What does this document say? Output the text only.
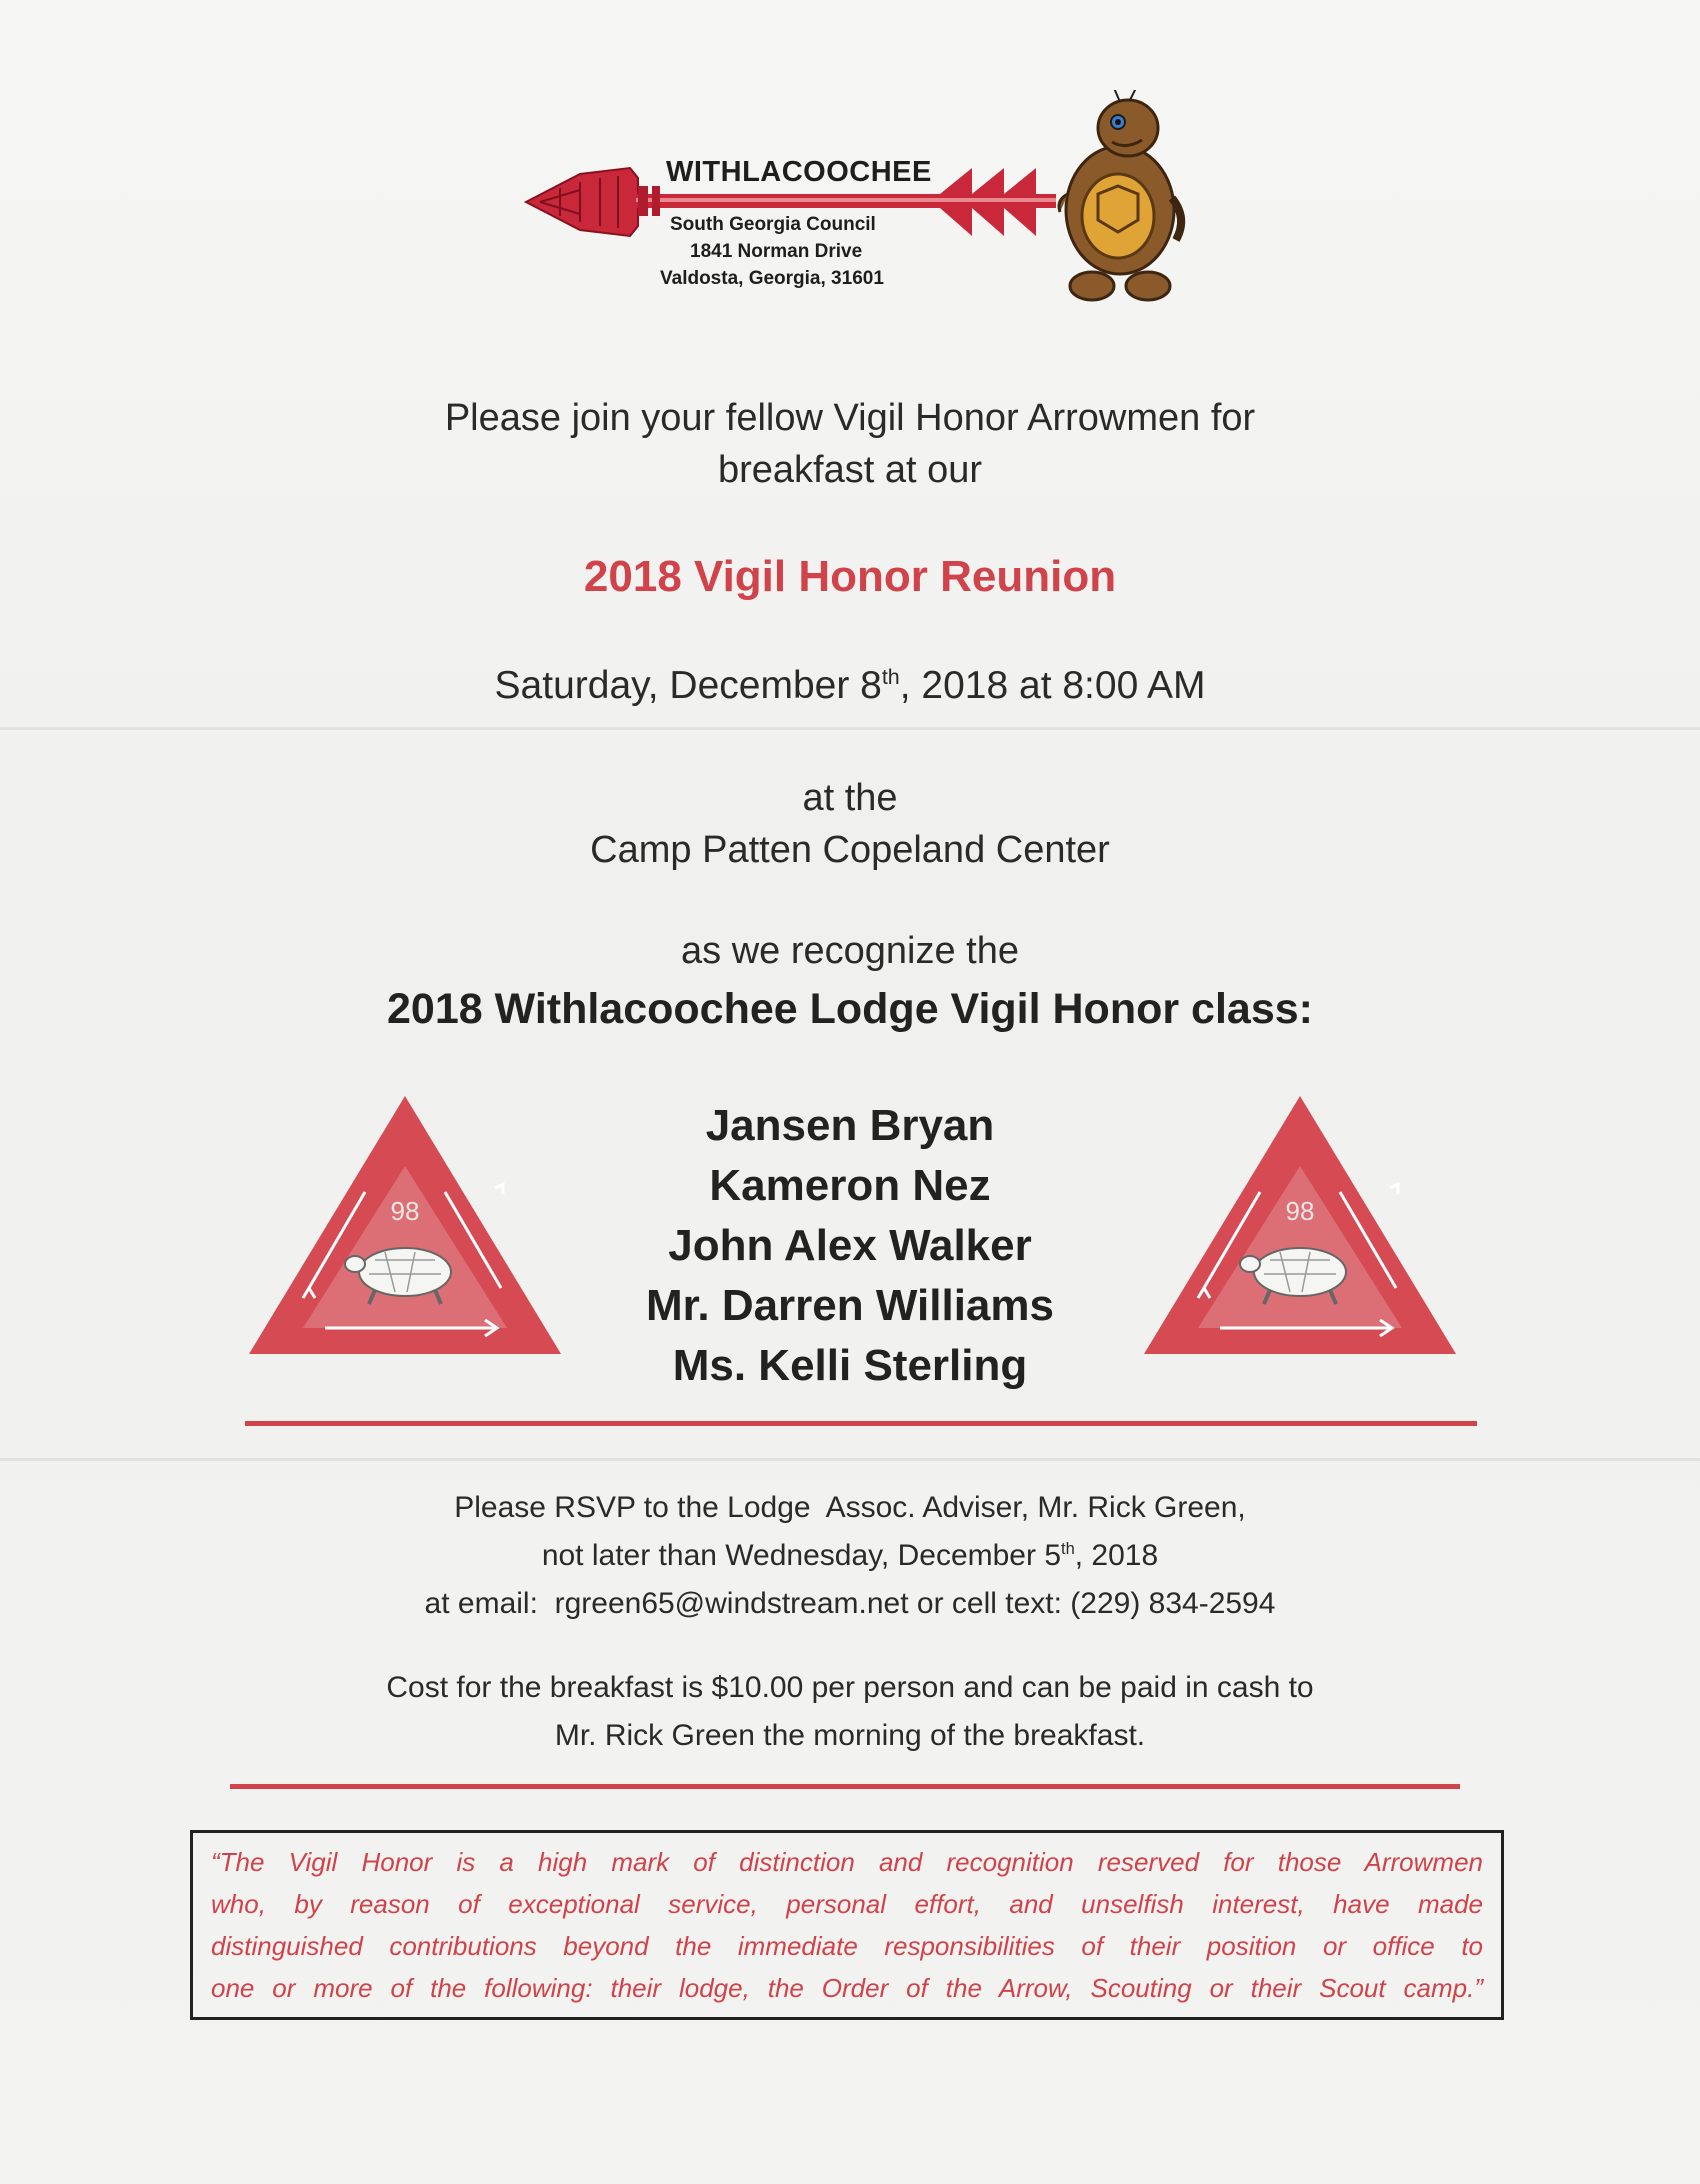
WITHLACOOCHEE
South Georgia Council
1841 Norman Drive
Valdosta, Georgia, 31601
Please join your fellow Vigil Honor Arrowmen for
breakfast at our
2018 Vigil Honor Reunion
Saturday, December 8th, 2018 at 8:00 AM
at the
Camp Patten Copeland Center
as we recognize the
2018 Withlacoochee Lodge Vigil Honor class:
98	98
Jansen Bryan
Kameron Nez
John Alex Walker
Mr. Darren Williams
Ms. Kelli Sterling
Please RSVP to the Lodge  Assoc. Adviser, Mr. Rick Green,
not later than Wednesday, December 5th, 2018
at email:  rgreen65@windstream.net or cell text: (229) 834-2594
Cost for the breakfast is $10.00 per person and can be paid in cash to
Mr. Rick Green the morning of the breakfast.
“The Vigil Honor is a high mark of distinction and recognition reserved for those Arrowmen
who, by reason of exceptional service, personal effort, and unselfish interest, have made
distinguished contributions beyond the immediate responsibilities of their position or office to
one or more of the following: their lodge, the Order of the Arrow, Scouting or their Scout camp.”
